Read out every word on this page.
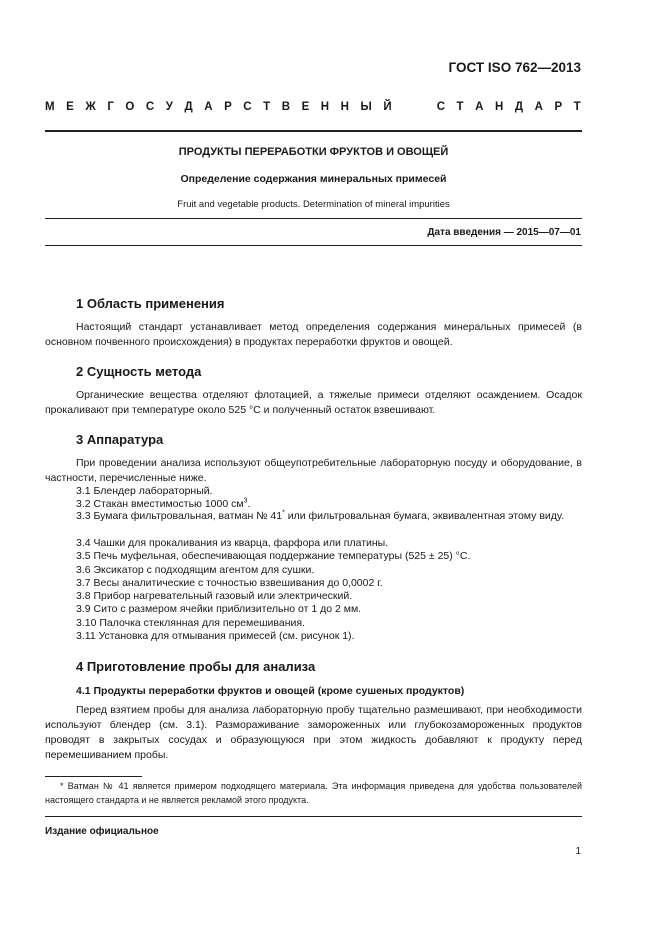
ГОСТ ISO 762—2013
М Е Ж Г О С У Д А Р С Т В Е Н Н Ы Й	С Т А Н Д А Р Т
ПРОДУКТЫ ПЕРЕРАБОТКИ ФРУКТОВ И ОВОЩЕЙ
Определение содержания минеральных примесей
Fruit and vegetable products. Determination of mineral impurities
Дата введения — 2015—07—01
1 Область применения
Настоящий стандарт устанавливает метод определения содержания минеральных примесей (в основном почвенного происхождения) в продуктах переработки фруктов и овощей.
2 Сущность метода
Органические вещества отделяют флотацией, а тяжелые примеси отделяют осаждением. Осадок прокаливают при температуре около 525 °С и полученный остаток взвешивают.
3 Аппаратура
При проведении анализа используют общеупотребительные лабораторную посуду и оборудование, в частности, перечисленные ниже.
3.1 Блендер лабораторный.
3.2 Стакан вместимостью 1000 $см^3$.
3.3 Бумага фильтровальная, ватман № 41* или фильтровальная бумага, эквивалентная этому виду.
3.4 Чашки для прокаливания из кварца, фарфора или платины.
3.5 Печь муфельная, обеспечивающая поддержание температуры (525 ± 25) °С.
3.6 Эксикатор с подходящим агентом для сушки.
3.7 Весы аналитические с точностью взвешивания до 0,0002 г.
3.8 Прибор нагревательный газовый или электрический.
3.9 Сито с размером ячейки приблизительно от 1 до 2 мм.
3.10 Палочка стеклянная для перемешивания.
3.11 Установка для отмывания примесей (см. рисунок 1).
4 Приготовление пробы для анализа
4.1 Продукты переработки фруктов и овощей (кроме сушеных продуктов)
Перед взятием пробы для анализа лабораторную пробу тщательно размешивают, при необходимости используют блендер (см. 3.1). Размораживание замороженных или глубокозамороженных продуктов проводят в закрытых сосудах и образующуюся при этом жидкость добавляют к продукту перед перемешиванием пробы.
* Ватман № 41 является примером подходящего материала. Эта информация приведена для удобства пользователей настоящего стандарта и не является рекламой этого продукта.
Издание официальное
1
